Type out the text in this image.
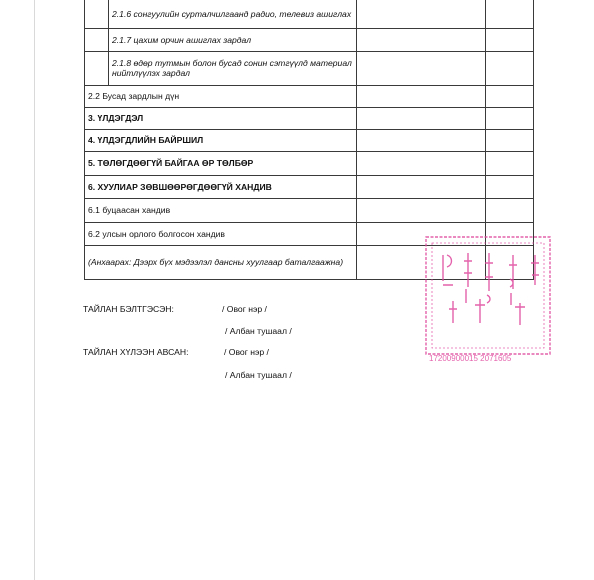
	2.1.6 сонгуулийн сурталчилгаанд радио, телевиз ашиглах		
	2.1.7 цахим орчин ашиглах зардал		
	2.1.8 өдөр тутмын болон бусад сонин сэтгүүлд материал нийтлүүлэх зардал		
2.2 Бусад зардлын дүн			
3. ҮЛДЭГДЭЛ			
4. ҮЛДЭГДЛИЙН БАЙРШИЛ			
5. ТӨЛӨГДӨӨГҮЙ БАЙГАА ӨР ТӨЛБӨР			
6. ХУУЛИАР ЗӨВШӨӨРӨГДӨӨГҮЙ ХАНДИВ			
6.1 буцаасан хандив			
6.2 улсын орлого болгосон хандив			
(Анхаарах: Дээрх бүх мэдээлэл дансны хуулгаар баталгаажна)			
ТАЙЛАН БЭЛТГЭСЭН:	/ Овог нэр /
/ Албан тушаал /
ТАЙЛАН ХҮЛЭЭН АВСАН:	/ Овог нэр /
/ Албан тушаал /
17200900015 2071605
